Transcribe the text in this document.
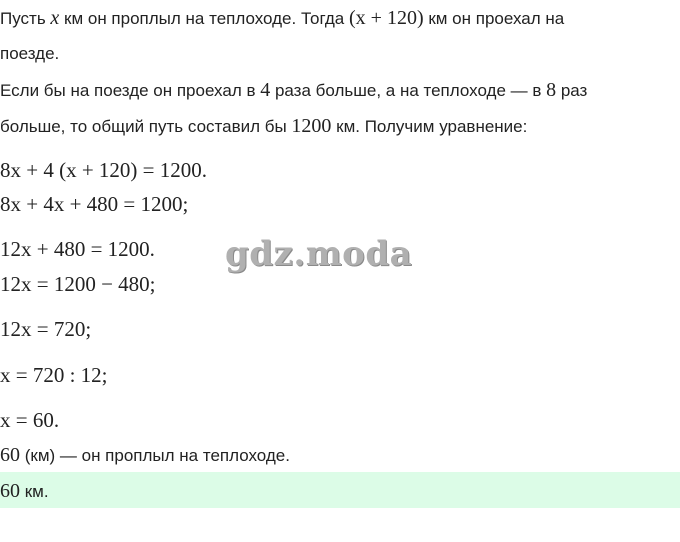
Пусть x км он проплыл на теплоходе. Тогда (x + 120) км он проехал на
поезде.
Если бы на поезде он проехал в 4 раза больше, а на теплоходе — в 8 раз
больше, то общий путь составил бы 1200 км. Получим уравнение:
8x + 4 (x + 120) = 1200.
8x + 4x + 480 = 1200;
12x + 480 = 1200.
12x = 1200 − 480;
12x = 720;
x = 720 : 12;
x = 60.
gdz.moda
60 (км) — он проплыл на теплоходе.
60 км.
